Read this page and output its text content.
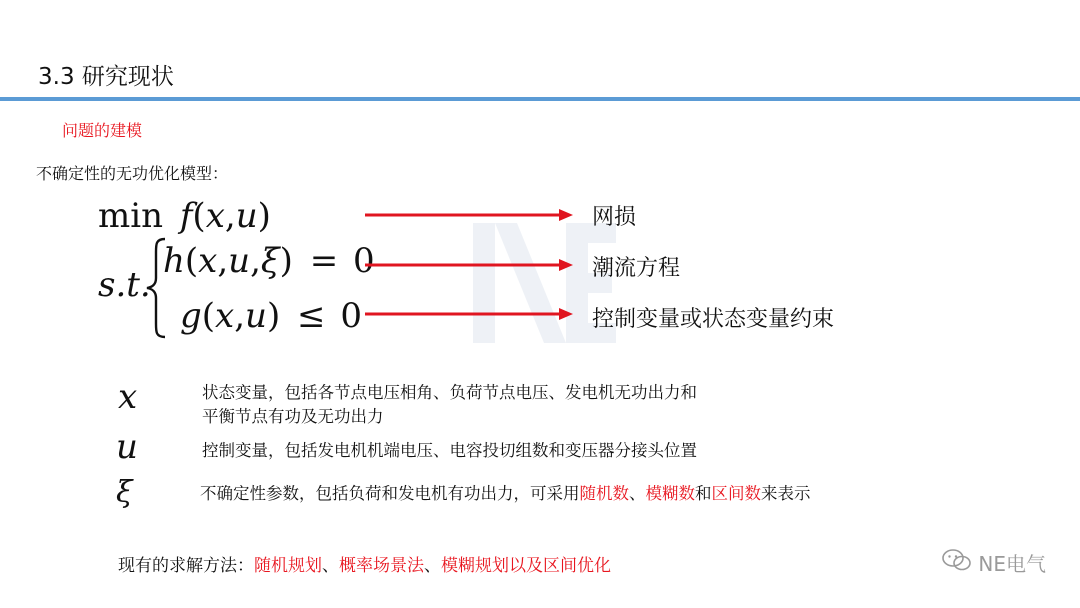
3.3 研究现状
问题的建模
不确定性的无功优化模型：
min f(x,u)
s.t.
h(x,u,ξ) = 0
g(x,u) ≤ 0
网损
潮流方程
控制变量或状态变量约束
x	状态变量，包括各节点电压相角、负荷节点电压、发电机无功出力和
平衡节点有功及无功出力
u	控制变量，包括发电机机端电压、电容投切组数和变压器分接头位置
ξ	不确定性参数，包括负荷和发电机有功出力，可采用随机数、模糊数和区间数来表示
现有的求解方法：随机规划、概率场景法、模糊规划以及区间优化	NE电气
